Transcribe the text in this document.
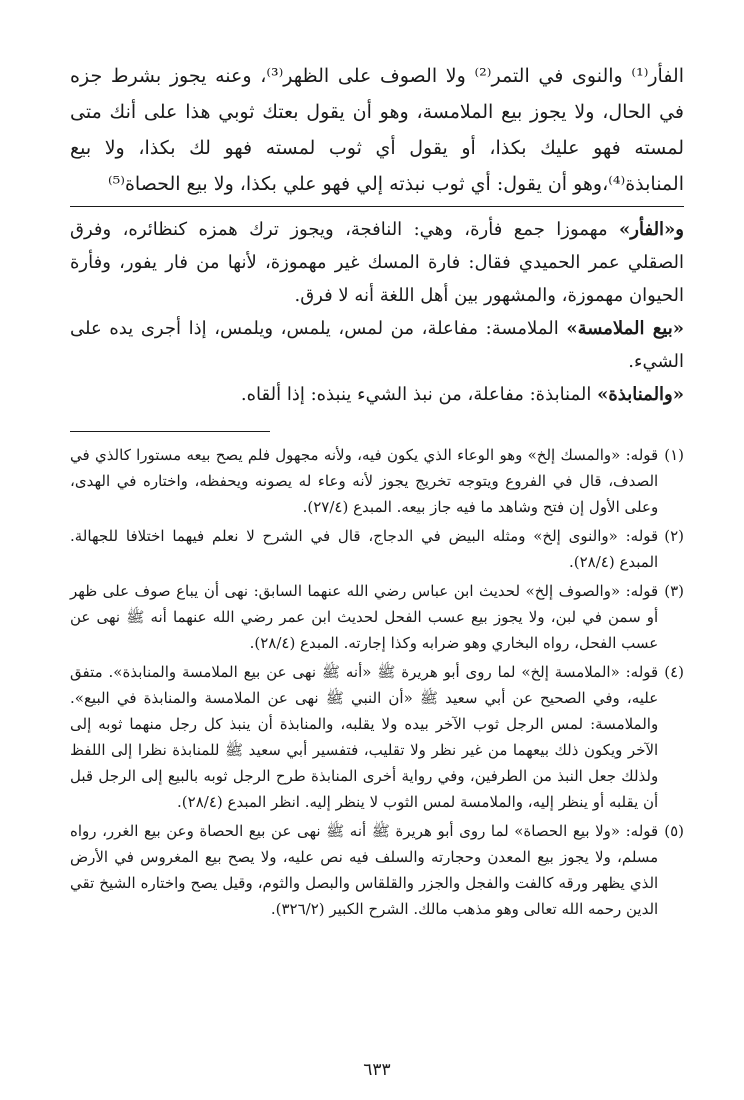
الفأر⁽¹⁾ والنوى في التمر⁽²⁾ ولا الصوف على الظهر⁽³⁾، وعنه يجوز بشرط جزه في الحال، ولا يجوز بيع الملامسة، وهو أن يقول بعتك ثوبي هذا على أنك متى لمسته فهو عليك بكذا، أو يقول أي ثوب لمسته فهو لك بكذا، ولا بيع المنابذة⁽⁴⁾،وهو أن يقول: أي ثوب نبذته إلي فهو علي بكذا، ولا بيع الحصاة⁽⁵⁾

و«الفأر» مهموزا جمع فأرة، وهي: النافجة، ويجوز ترك همزه كنظائره، وفرق الصقلي عمر الحميدي فقال: فارة المسك غير مهموزة، لأنها من فار يفور، وفأرة الحيوان مهموزة، والمشهور بين أهل اللغة أنه لا فرق.

«بيع الملامسة» الملامسة: مفاعلة، من لمس، يلمس، ويلمس، إذا أجرى يده على الشيء.

«والمنابذة» المنابذة: مفاعلة، من نبذ الشيء ينبذه: إذا ألقاه.

(١)
قوله: «والمسك إلخ» وهو الوعاء الذي يكون فيه، ولأنه مجهول فلم يصح بيعه مستورا كالذي في الصدف، قال في الفروع ويتوجه تخريج يجوز لأنه وعاء له يصونه ويحفظه، واختاره في الهدى، وعلى الأول إن فتح وشاهد ما فيه جاز بيعه. المبدع (٢٧/٤).
(٢)
قوله: «والنوى إلخ» ومثله البيض في الدجاج، قال في الشرح لا نعلم فيهما اختلافا للجهالة. المبدع (٢٨/٤).
(٣)
قوله: «والصوف إلخ» لحديث ابن عباس رضي الله عنهما السابق: نهى أن يباع صوف على ظهر أو سمن في لبن، ولا يجوز بيع عسب الفحل لحديث ابن عمر رضي الله عنهما أنه ﷺ نهى عن عسب الفحل، رواه البخاري وهو ضرابه وكذا إجارته. المبدع (٢٨/٤).
(٤)
قوله: «الملامسة إلخ» لما روى أبو هريرة ﷺ «أنه ﷺ نهى عن بيع الملامسة والمنابذة». متفق عليه، وفي الصحيح عن أبي سعيد ﷺ «أن النبي ﷺ نهى عن الملامسة والمنابذة في البيع». والملامسة: لمس الرجل ثوب الآخر بيده ولا يقلبه، والمنابذة أن ينبذ كل رجل منهما ثوبه إلى الآخر ويكون ذلك بيعهما من غير نظر ولا تقليب، فتفسير أبي سعيد ﷺ للمنابذة نظرا إلى اللفظ ولذلك جعل النبذ من الطرفين، وفي رواية أخرى المنابذة طرح الرجل ثوبه بالبيع إلى الرجل قبل أن يقلبه أو ينظر إليه، والملامسة لمس الثوب لا ينظر إليه. انظر المبدع (٢٨/٤).
(٥)
قوله: «ولا بيع الحصاة» لما روى أبو هريرة ﷺ أنه ﷺ نهى عن بيع الحصاة وعن بيع الغرر، رواه مسلم، ولا يجوز بيع المعدن وحجارته والسلف فيه نص عليه، ولا يصح بيع المغروس في الأرض الذي يظهر ورقه كالفت والفجل والجزر والقلقاس والبصل والثوم، وقيل يصح واختاره الشيخ تقي الدين رحمه الله تعالى وهو مذهب مالك. الشرح الكبير (٣٢٦/٢).
٦٣٣
